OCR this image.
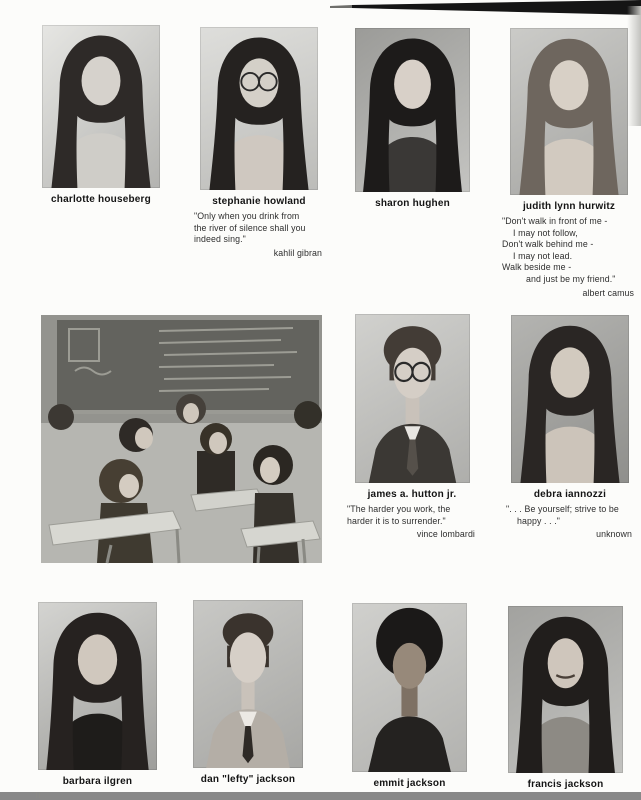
charlotte houseberg	stephanie howland
"Only when you drink from
the river of silence shall you
indeed sing."
kahlil gibran
sharon hughen	judith lynn hurwitz
"Don't walk in front of me -
I may not follow,
Don't walk behind me -
I may not lead.
Walk beside me -
and just be my friend."
albert camus
james a. hutton jr.
"The harder you work, the
harder it is to surrender."
vince lombardi
debra iannozzi
". . . Be yourself; strive to be
happy . . ."
unknown
barbara ilgren
"If . . . . . . . . . . . . .
dan "lefty" jackson	emmit jackson	francis jackson
